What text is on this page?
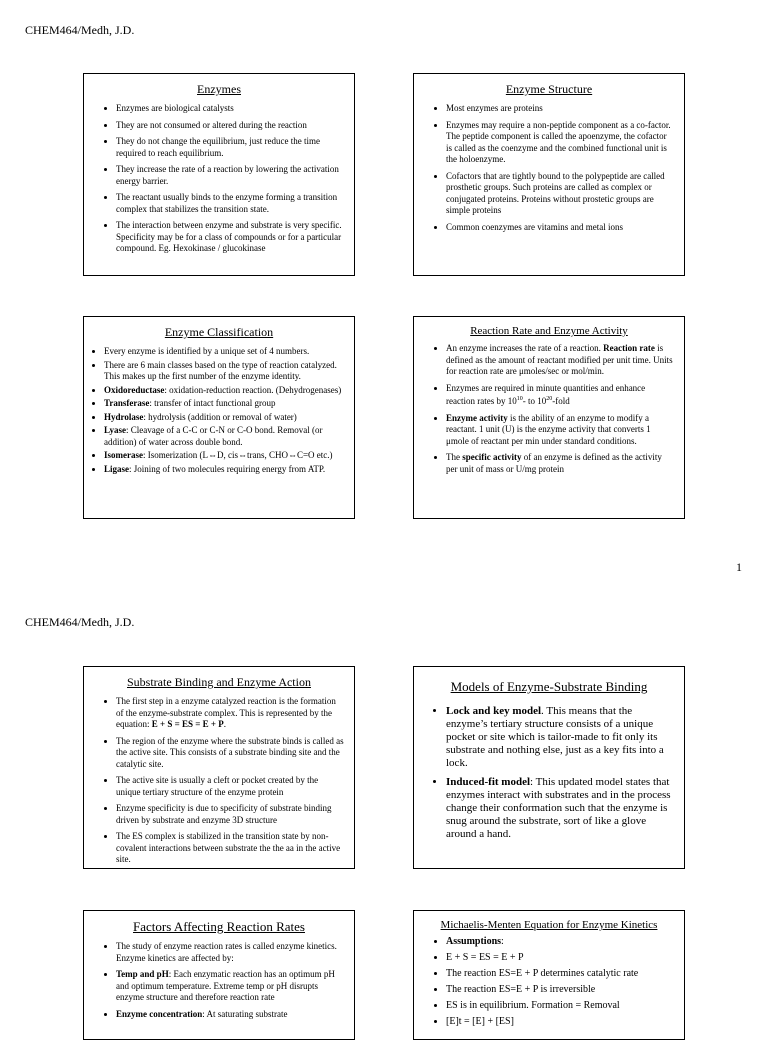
CHEM464/Medh, J.D.
Enzymes
• Enzymes are biological catalysts
• They are not consumed or altered during the reaction
• They do not change the equilibrium, just reduce the time required to reach equilibrium.
• They increase the rate of a reaction by lowering the activation energy barrier.
• The reactant usually binds to the enzyme forming a transition complex that stabilizes the transition state.
• The interaction between enzyme and substrate is very specific. Specificity may be for a class of compounds or for a particular compound. Eg. Hexokinase / glucokinase
Enzyme Structure
• Most enzymes are proteins
• Enzymes may require a non-peptide component as a co-factor. The peptide component is called the apoenzyme, the cofactor is called as the coenzyme and the combined functional unit is the holoenzyme.
• Cofactors that are tightly bound to the polypeptide are called prosthetic groups. Such proteins are called as complex or conjugated proteins. Proteins without prostetic groups are simple proteins
• Common coenzymes are vitamins and metal ions
Enzyme Classification
• Every enzyme is identified by a unique set of 4 numbers.
• There are 6 main classes based on the type of reaction catalyzed. This makes up the first number of the enzyme identity.
• Oxidoreductase: oxidation-reduction reaction. (Dehydrogenases)
• Transferase: transfer of intact functional group
• Hydrolase: hydrolysis (addition or removal of water)
• Lyase: Cleavage of a C-C or C-N or C-O bond. Removal (or addition) of water across double bond.
• Isomerase: Isomerization (L⇔D, cis⇔trans, CHO⇔C=O etc.)
• Ligase: Joining of two molecules requiring energy from ATP.
Reaction Rate and Enzyme Activity
• An enzyme increases the rate of a reaction. Reaction rate is defined as the amount of reactant modified per unit time. Units for reaction rate are μmoles/sec or mol/min.
• Enzymes are required in minute quantities and enhance reaction rates by $10^{10}-$ to $10^{20}$-fold
• Enzyme activity is the ability of an enzyme to modify a reactant. 1 unit (U) is the enzyme activity that converts 1 μmole of reactant per min under standard conditions.
• The specific activity of an enzyme is defined as the activity per unit of mass or U/mg protein
1
CHEM464/Medh, J.D.
Substrate Binding and Enzyme Action
• The first step in a enzyme catalyzed reaction is the formation of the enzyme-substrate complex. This is represented by the equation: E + S = ES = E + P.
• The region of the enzyme where the substrate binds is called as the active site. This consists of a substrate binding site and the catalytic site.
• The active site is usually a cleft or pocket created by the unique tertiary structure of the enzyme protein
• Enzyme specificity is due to specificity of substrate binding driven by substrate and enzyme 3D structure
• The ES complex is stabilized in the transition state by non-covalent interactions between substrate the the aa in the active site.
Models of Enzyme-Substrate Binding
• Lock and key model. This means that the enzyme’s tertiary structure consists of a unique pocket or site which is tailor-made to fit only its substrate and nothing else, just as a key fits into a lock.
• Induced-fit model: This updated model states that enzymes interact with substrates and in the process change their conformation such that the enzyme is snug around the substrate, sort of like a glove around a hand.
Factors Affecting Reaction Rates
• The study of enzyme reaction rates is called enzyme kinetics. Enzyme kinetics are affected by:
• Temp and pH: Each enzymatic reaction has an optimum pH and optimum temperature. Extreme temp or pH disrupts enzyme structure and therefore reaction rate
• Enzyme concentration: At saturating substrate
Michaelis-Menten Equation for Enzyme Kinetics
• Assumptions:
• E + S = ES = E + P
• The reaction ES=E + P determines catalytic rate
• The reaction ES=E + P is irreversible
• ES is in equilibrium. Formation = Removal
• [E]t = [E] + [ES]
